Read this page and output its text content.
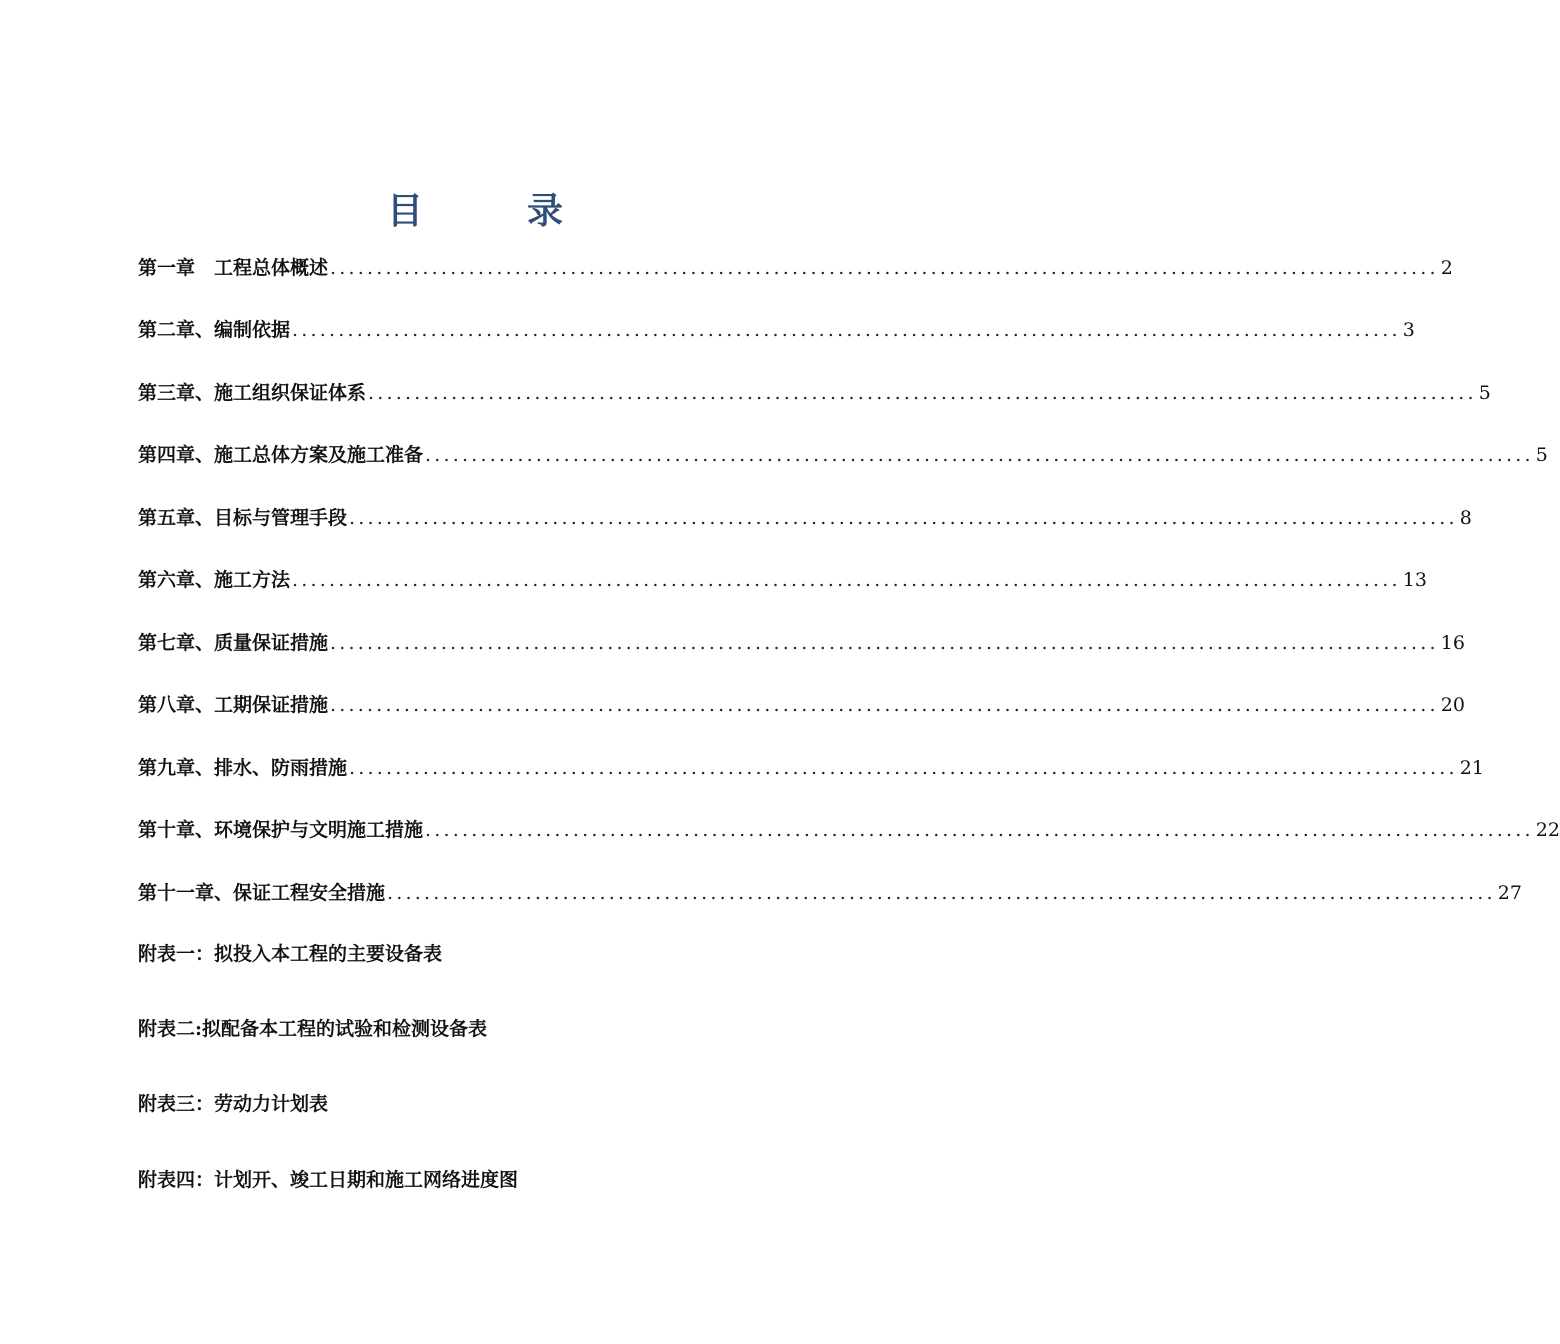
目　录
第一章　工程总体概述 ........................................................................................................................ 2
第二章、编制依据 ........................................................................................................................ 3
第三章、施工组织保证体系 ........................................................................................................................ 5
第四章、施工总体方案及施工准备 ........................................................................................................................ 5
第五章、目标与管理手段 ........................................................................................................................ 8
第六章、施工方法 ........................................................................................................................ 13
第七章、质量保证措施 ........................................................................................................................ 16
第八章、工期保证措施 ........................................................................................................................ 20
第九章、排水、防雨措施 ........................................................................................................................ 21
第十章、环境保护与文明施工措施 ........................................................................................................................ 22
第十一章、保证工程安全措施 ........................................................................................................................ 27
附表一：拟投入本工程的主要设备表
附表二:拟配备本工程的试验和检测设备表
附表三：劳动力计划表
附表四：计划开、竣工日期和施工网络进度图
